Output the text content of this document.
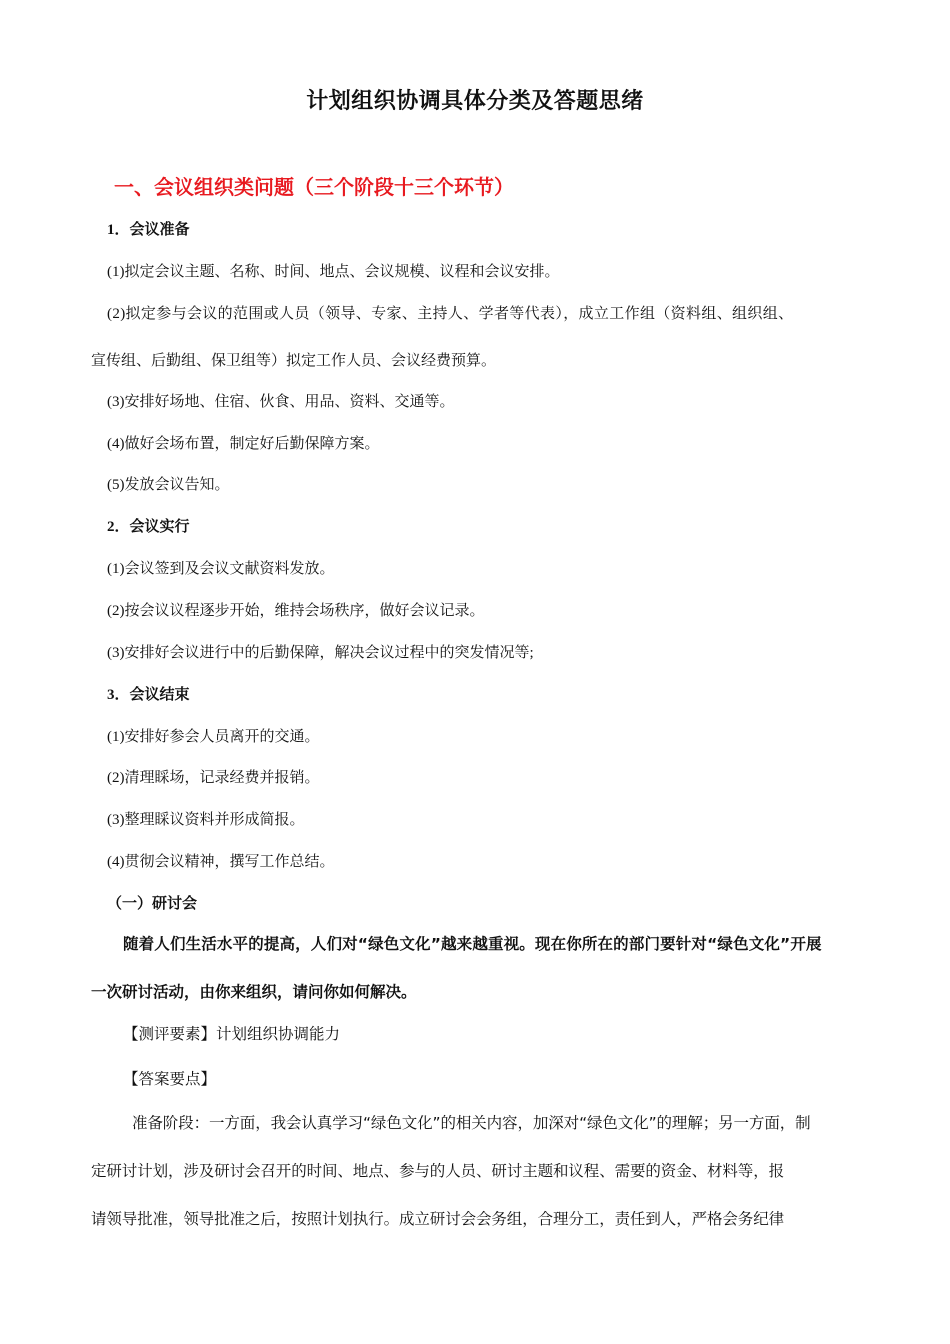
计划组织协调具体分类及答题思绪
一、会议组织类问题（三个阶段十三个环节）
1．会议准备
(1)拟定会议主题、名称、时间、地点、会议规模、议程和会议安排。
(2)拟定参与会议的范围或人员（领导、专家、主持人、学者等代表），成立工作组（资料组、组织组、
宣传组、后勤组、保卫组等）拟定工作人员、会议经费预算。
(3)安排好场地、住宿、伙食、用品、资料、交通等。
(4)做好会场布置，制定好后勤保障方案。
(5)发放会议告知。
2．会议实行
(1)会议签到及会议文献资料发放。
(2)按会议议程逐步开始，维持会场秩序，做好会议记录。
(3)安排好会议进行中的后勤保障，解决会议过程中的突发情况等;
3．会议结束
(1)安排好参会人员离开的交通。
(2)清理睬场，记录经费并报销。
(3)整理睬议资料并形成简报。
(4)贯彻会议精神，撰写工作总结。
（一）研讨会
随着人们生活水平的提高，人们对“绿色文化”越来越重视。现在你所在的部门要针对“绿色文化”开展
一次研讨活动，由你来组织，请问你如何解决。
【测评要素】计划组织协调能力
【答案要点】
准备阶段：一方面，我会认真学习“绿色文化”的相关内容，加深对“绿色文化”的理解；另一方面，制
定研讨计划，涉及研讨会召开的时间、地点、参与的人员、研讨主题和议程、需要的资金、材料等，报
请领导批准，领导批准之后，按照计划执行。成立研讨会会务组，合理分工，责任到人，严格会务纪律
